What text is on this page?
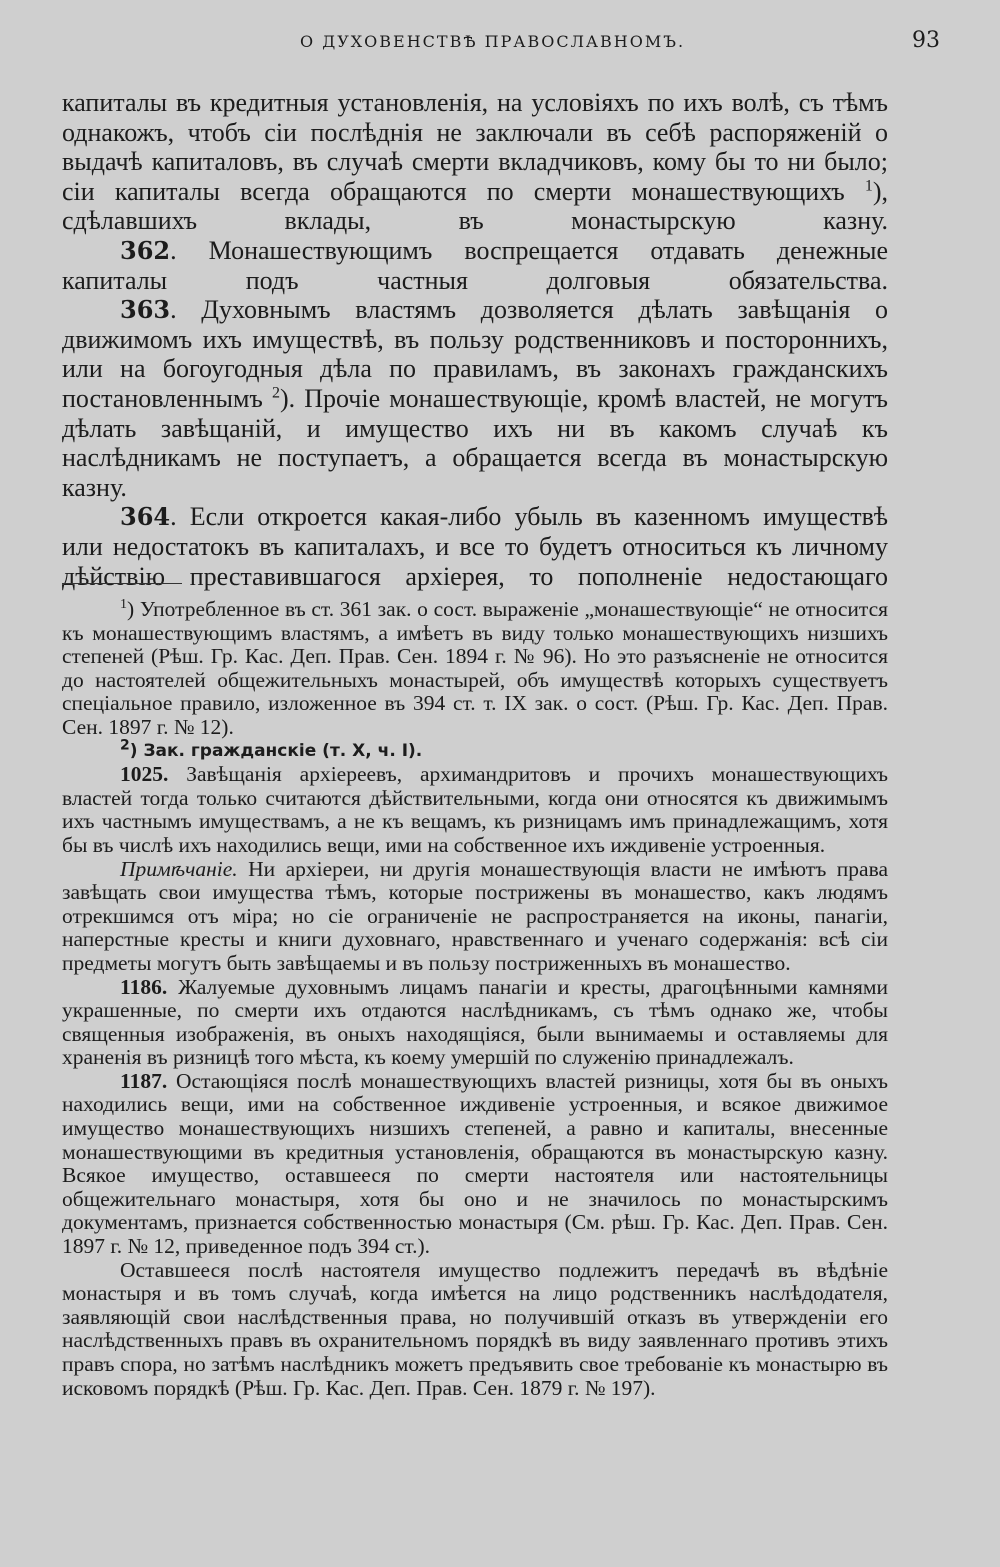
О ДУХОВЕНСТВѢ ПРАВОСЛАВНОМЪ.	93

капиталы въ кредитныя установленія, на условіяхъ по ихъ волѣ, съ тѣмъ однакожъ, чтобъ сіи послѣднія не заключали въ себѣ распоряженій о выдачѣ капиталовъ, въ случаѣ смерти вкладчиковъ, кому бы то ни было; сіи капиталы всегда обращаются по смерти монашествующихъ $^1$), сдѣлавшихъ вклады, въ монастырскую казну.

362. Монашествующимъ воспрещается отдавать денежные капиталы подъ частныя долговыя обязательства.

363. Духовнымъ властямъ дозволяется дѣлать завѣщанія о движимомъ ихъ имуществѣ, въ пользу родственниковъ и постороннихъ, или на богоугодныя дѣла по правиламъ, въ законахъ гражданскихъ постановленнымъ $^2$). Прочіе монашествующіе, кромѣ властей, не могутъ дѣлать завѣщаній, и имущество ихъ ни въ какомъ случаѣ къ наслѣдникамъ не поступаетъ, а обращается всегда въ монастырскую казну.

364. Если откроется какая-либо убыль въ казенномъ имуществѣ или недостатокъ въ капиталахъ, и все то будетъ относиться къ личному дѣйствію преставившагося архіерея, то пополненіе недостающаго

$^1$) Употребленное въ ст. 361 зак. о сост. выраженіе „монашествующіе“ не относится къ монашествующимъ властямъ, а имѣетъ въ виду только монашествующихъ низшихъ степеней (Рѣш. Гр. Кас. Деп. Прав. Сен. 1894 г. № 96). Но это разъясненіе не относится до настоятелей общежительныхъ монастырей, объ имуществѣ которыхъ существуетъ спеціальное правило, изложенное въ 394 ст. т. IX зак. о сост. (Рѣш. Гр. Кас. Деп. Прав. Сен. 1897 г. № 12).

$^2$) Зак. гражданскіе (т. X, ч. I).

1025. Завѣщанія архіереевъ, архимандритовъ и прочихъ монашествующихъ властей тогда только считаются дѣйствительными, когда они относятся къ движимымъ ихъ частнымъ имуществамъ, а не къ вещамъ, къ ризницамъ имъ принадлежащимъ, хотя бы въ числѣ ихъ находились вещи, ими на собственное ихъ иждивеніе устроенныя.

Примѣчаніе. Ни архіереи, ни другія монашествующія власти не имѣютъ права завѣщать свои имущества тѣмъ, которые пострижены въ монашество, какъ людямъ отрекшимся отъ міра; но сіе ограниченіе не распространяется на иконы, панагіи, наперстные кресты и книги духовнаго, нравственнаго и ученаго содержанія: всѣ сіи предметы могутъ быть завѣщаемы и въ пользу постриженныхъ въ монашество.

1186. Жалуемые духовнымъ лицамъ панагіи и кресты, драгоцѣнными камнями украшенные, по смерти ихъ отдаются наслѣдникамъ, съ тѣмъ однако же, чтобы священныя изображенія, въ оныхъ находящіяся, были вынимаемы и оставляемы для храненія въ ризницѣ того мѣста, къ коему умершій по служенію принадлежалъ.

1187. Остающіяся послѣ монашествующихъ властей ризницы, хотя бы въ оныхъ находились вещи, ими на собственное иждивеніе устроенныя, и всякое движимое имущество монашествующихъ низшихъ степеней, а равно и капиталы, внесенные монашествующими въ кредитныя установленія, обращаются въ монастырскую казну. Всякое имущество, оставшееся по смерти настоятеля или настоятельницы общежительнаго монастыря, хотя бы оно и не значилось по монастырскимъ документамъ, признается собственностью монастыря (См. рѣш. Гр. Кас. Деп. Прав. Сен. 1897 г. № 12, приведенное подъ 394 ст.).

Оставшееся послѣ настоятеля имущество подлежитъ передачѣ въ вѣдѣніе монастыря и въ томъ случаѣ, когда имѣется на лицо родственникъ наслѣдодателя, заявляющій свои наслѣдственныя права, но получившій отказъ въ утвержденіи его наслѣдственныхъ правъ въ охранительномъ порядкѣ въ виду заявленнаго противъ этихъ правъ спора, но затѣмъ наслѣдникъ можетъ предъявить свое требованіе къ монастырю въ исковомъ порядкѣ (Рѣш. Гр. Кас. Деп. Прав. Сен. 1879 г. № 197).
